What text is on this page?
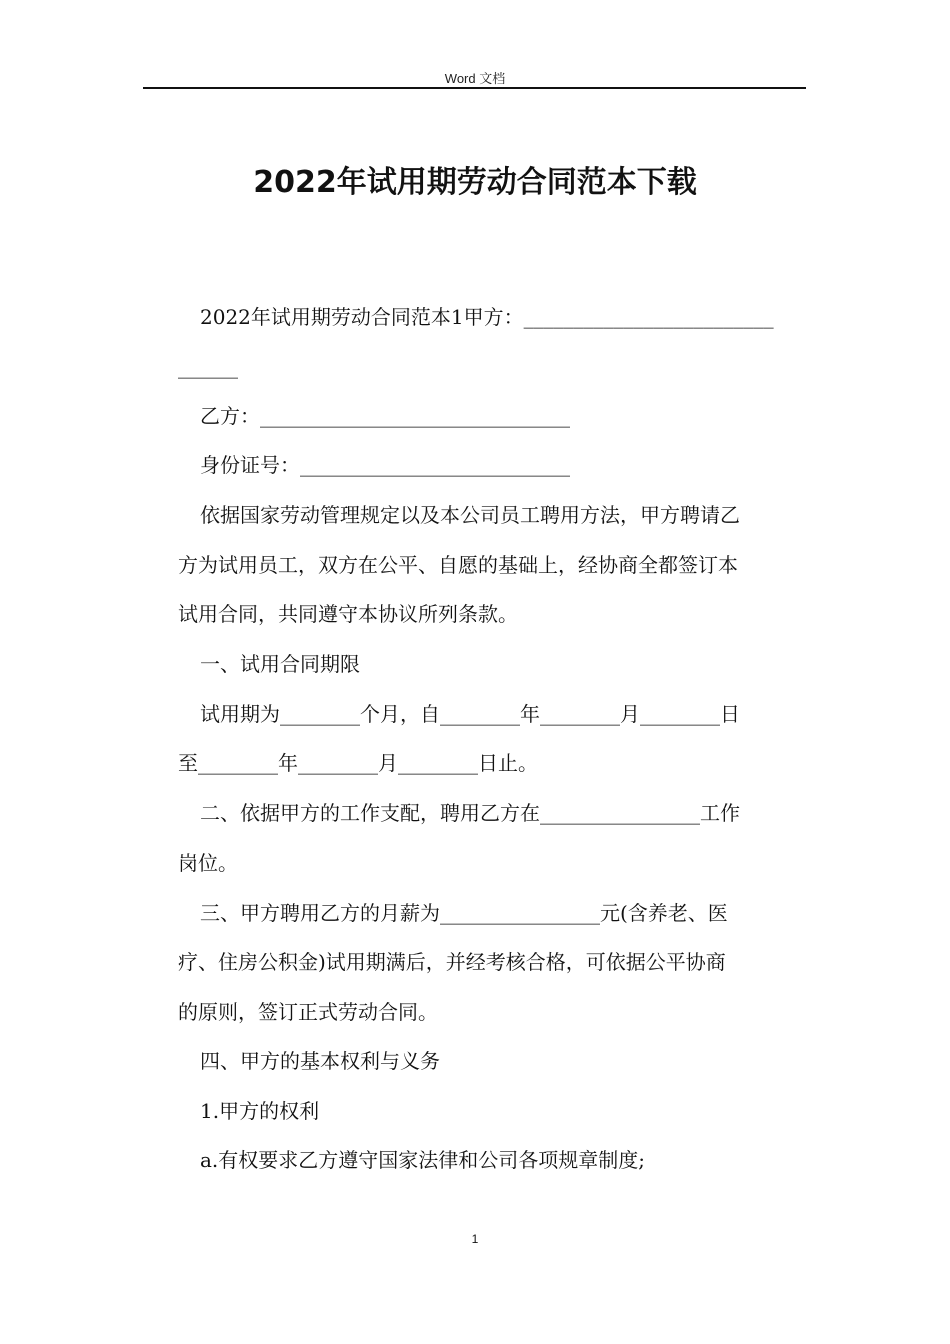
Word 文档
2022年试用期劳动合同范本下载
2022年试用期劳动合同范本1甲方：_________________________
______
乙方：_______________________________
身份证号：___________________________
依据国家劳动管理规定以及本公司员工聘用方法，甲方聘请乙
方为试用员工，双方在公平、自愿的基础上，经协商全都签订本
试用合同，共同遵守本协议所列条款。
一、试用合同期限
试用期为________个月，自________年________月________日
至________年________月________日止。
二、依据甲方的工作支配，聘用乙方在________________工作
岗位。
三、甲方聘用乙方的月薪为________________元(含养老、医
疗、住房公积金)试用期满后，并经考核合格，可依据公平协商
的原则，签订正式劳动合同。
四、甲方的基本权利与义务
1.甲方的权利
a.有权要求乙方遵守国家法律和公司各项规章制度;
1
